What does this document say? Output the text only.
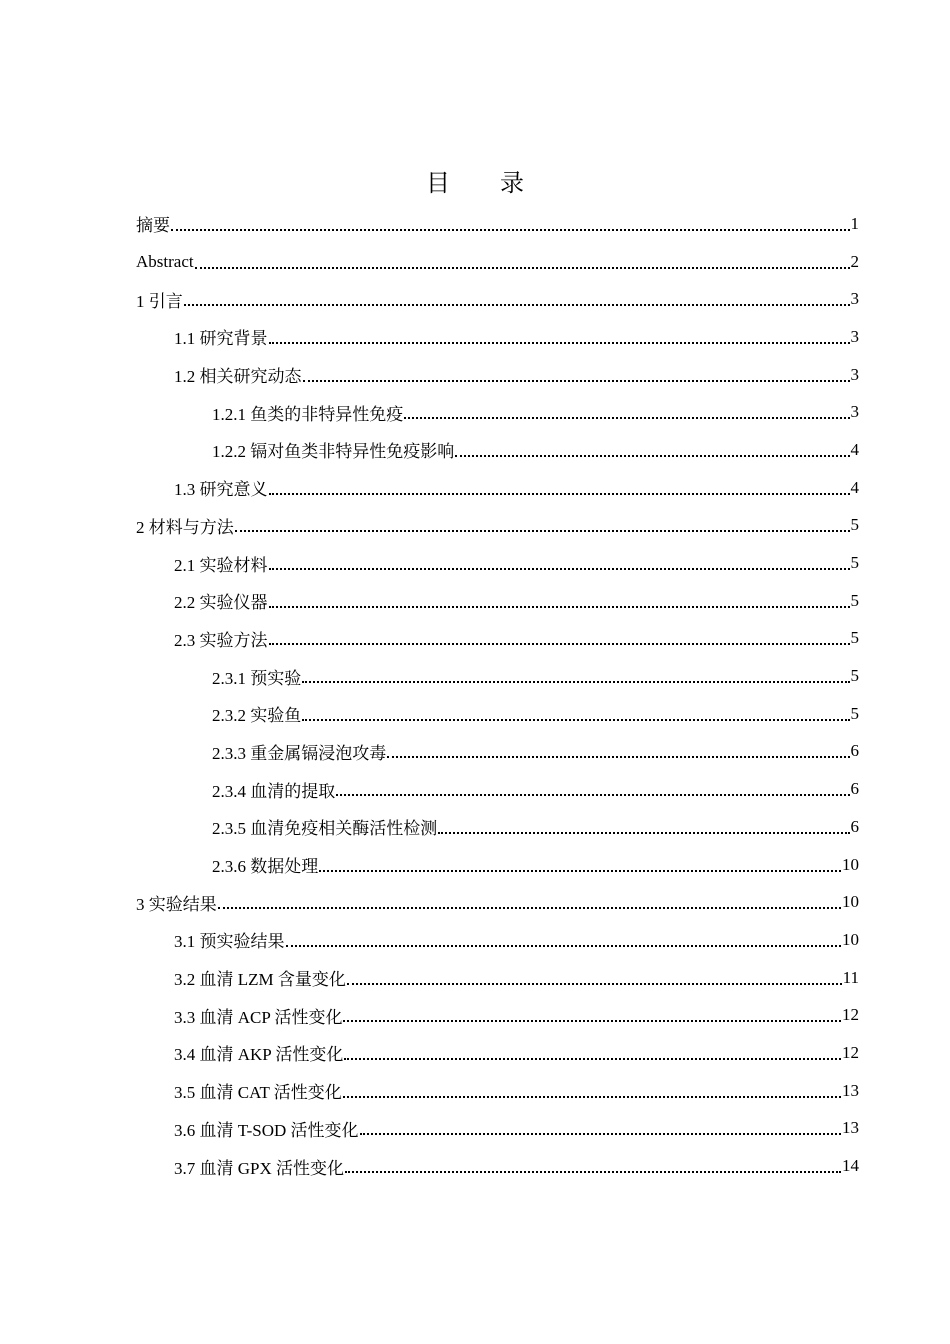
目 录
摘要	1
Abstract	2
1 引言	3
1.1 研究背景	3
1.2 相关研究动态	3
1.2.1 鱼类的非特异性免疫	3
1.2.2 镉对鱼类非特异性免疫影响	4
1.3 研究意义	4
2 材料与方法	5
2.1 实验材料	5
2.2 实验仪器	5
2.3 实验方法	5
2.3.1 预实验	5
2.3.2 实验鱼	5
2.3.3 重金属镉浸泡攻毒	6
2.3.4 血清的提取	6
2.3.5 血清免疫相关酶活性检测	6
2.3.6 数据处理	10
3 实验结果	10
3.1 预实验结果	10
3.2 血清 LZM 含量变化	11
3.3 血清 ACP 活性变化	12
3.4 血清 AKP 活性变化	12
3.5 血清 CAT 活性变化	13
3.6 血清 T-SOD 活性变化	13
3.7 血清 GPX 活性变化	14
